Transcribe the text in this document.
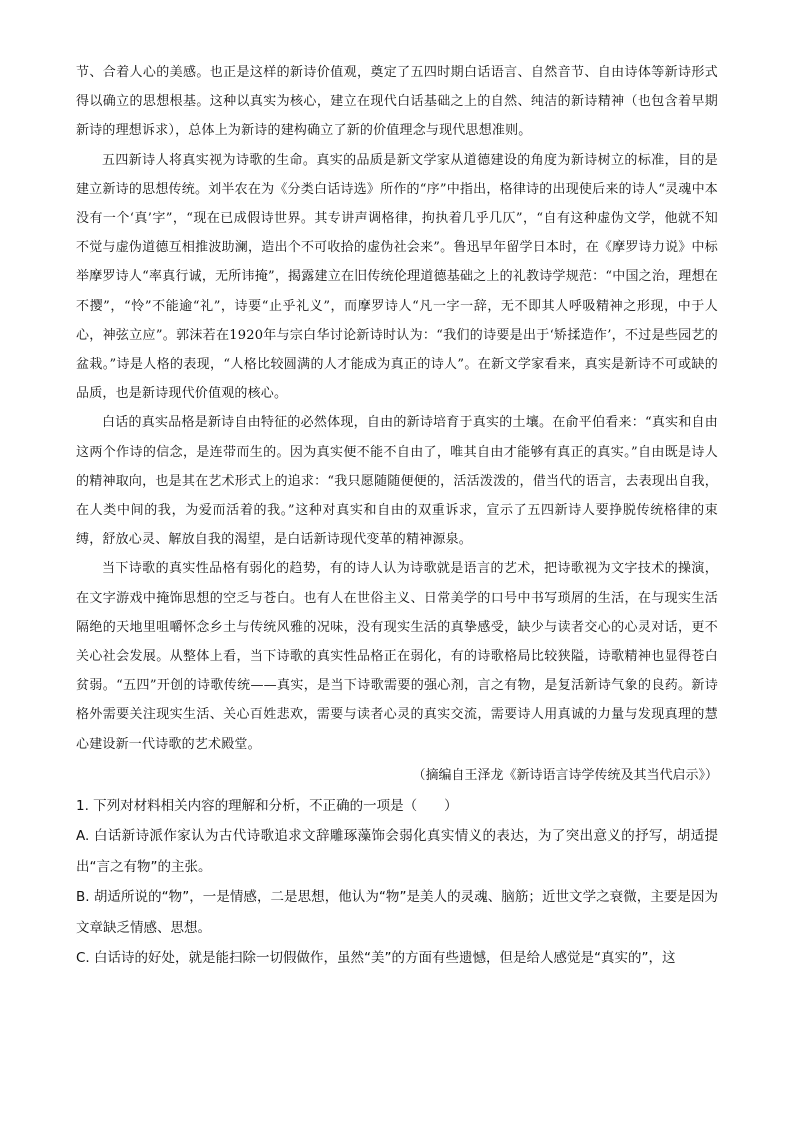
节、合着人心的美感。也正是这样的新诗价值观，奠定了五四时期白话语言、自然音节、自由诗体等新诗形式得以确立的思想根基。这种以真实为核心，建立在现代白话基础之上的自然、纯洁的新诗精神（也包含着早期新诗的理想诉求），总体上为新诗的建构确立了新的价值理念与现代思想准则。

五四新诗人将真实视为诗歌的生命。真实的品质是新文学家从道德建设的角度为新诗树立的标准，目的是建立新诗的思想传统。刘半农在为《分类白话诗选》所作的“序”中指出，格律诗的出现使后来的诗人“灵魂中本没有一个‘真’字”，“现在已成假诗世界。其专讲声调格律，拘执着几乎几仄”，“自有这种虚伪文学，他就不知不觉与虚伪道德互相推波助澜，造出个不可收拾的虚伪社会来”。鲁迅早年留学日本时，在《摩罗诗力说》中标举摩罗诗人“率真行诚，无所讳掩”，揭露建立在旧传统伦理道德基础之上的礼教诗学规范：“中国之治，理想在不撄”，“怜”不能逾“礼”，诗要“止乎礼义”，而摩罗诗人“凡一字一辞，无不即其人呼吸精神之形现，中于人心，神弦立应”。郭沫若在1920年与宗白华讨论新诗时认为：“我们的诗要是出于‘矫揉造作’，不过是些园艺的盆栽。”诗是人格的表现，“人格比较圆满的人才能成为真正的诗人”。在新文学家看来，真实是新诗不可或缺的品质，也是新诗现代价值观的核心。

白话的真实品格是新诗自由特征的必然体现，自由的新诗培育于真实的土壤。在俞平伯看来：“真实和自由这两个作诗的信念，是连带而生的。因为真实便不能不自由了，唯其自由才能够有真正的真实。”自由既是诗人的精神取向，也是其在艺术形式上的追求：“我只愿随随便便的，活活泼泼的，借当代的语言，去表现出自我，在人类中间的我，为爱而活着的我。”这种对真实和自由的双重诉求，宣示了五四新诗人要挣脱传统格律的束缚，舒放心灵、解放自我的渴望，是白话新诗现代变革的精神源泉。

当下诗歌的真实性品格有弱化的趋势，有的诗人认为诗歌就是语言的艺术，把诗歌视为文字技术的操演，在文字游戏中掩饰思想的空乏与苍白。也有人在世俗主义、日常美学的口号中书写琐屑的生活，在与现实生活隔绝的天地里咀嚼怀念乡土与传统风雅的况味，没有现实生活的真挚感受，缺少与读者交心的心灵对话，更不关心社会发展。从整体上看，当下诗歌的真实性品格正在弱化，有的诗歌格局比较狭隘，诗歌精神也显得苍白贫弱。“五四”开创的诗歌传统——真实，是当下诗歌需要的强心剂，言之有物，是复活新诗气象的良药。新诗格外需要关注现实生活、关心百姓悲欢，需要与读者心灵的真实交流，需要诗人用真诚的力量与发现真理的慧心建设新一代诗歌的艺术殿堂。

（摘编自王泽龙《新诗语言诗学传统及其当代启示》）

1. 下列对材料相关内容的理解和分析，不正确的一项是（　　）

A. 白话新诗派作家认为古代诗歌追求文辞雕琢藻饰会弱化真实情义的表达，为了突出意义的抒写，胡适提出“言之有物”的主张。

B. 胡适所说的“物”，一是情感，二是思想，他认为“物”是美人的灵魂、脑筋；近世文学之衰微，主要是因为文章缺乏情感、思想。

C. 白话诗的好处，就是能扫除一切假做作，虽然“美”的方面有些遗憾，但是给人感觉是“真实的”，这
